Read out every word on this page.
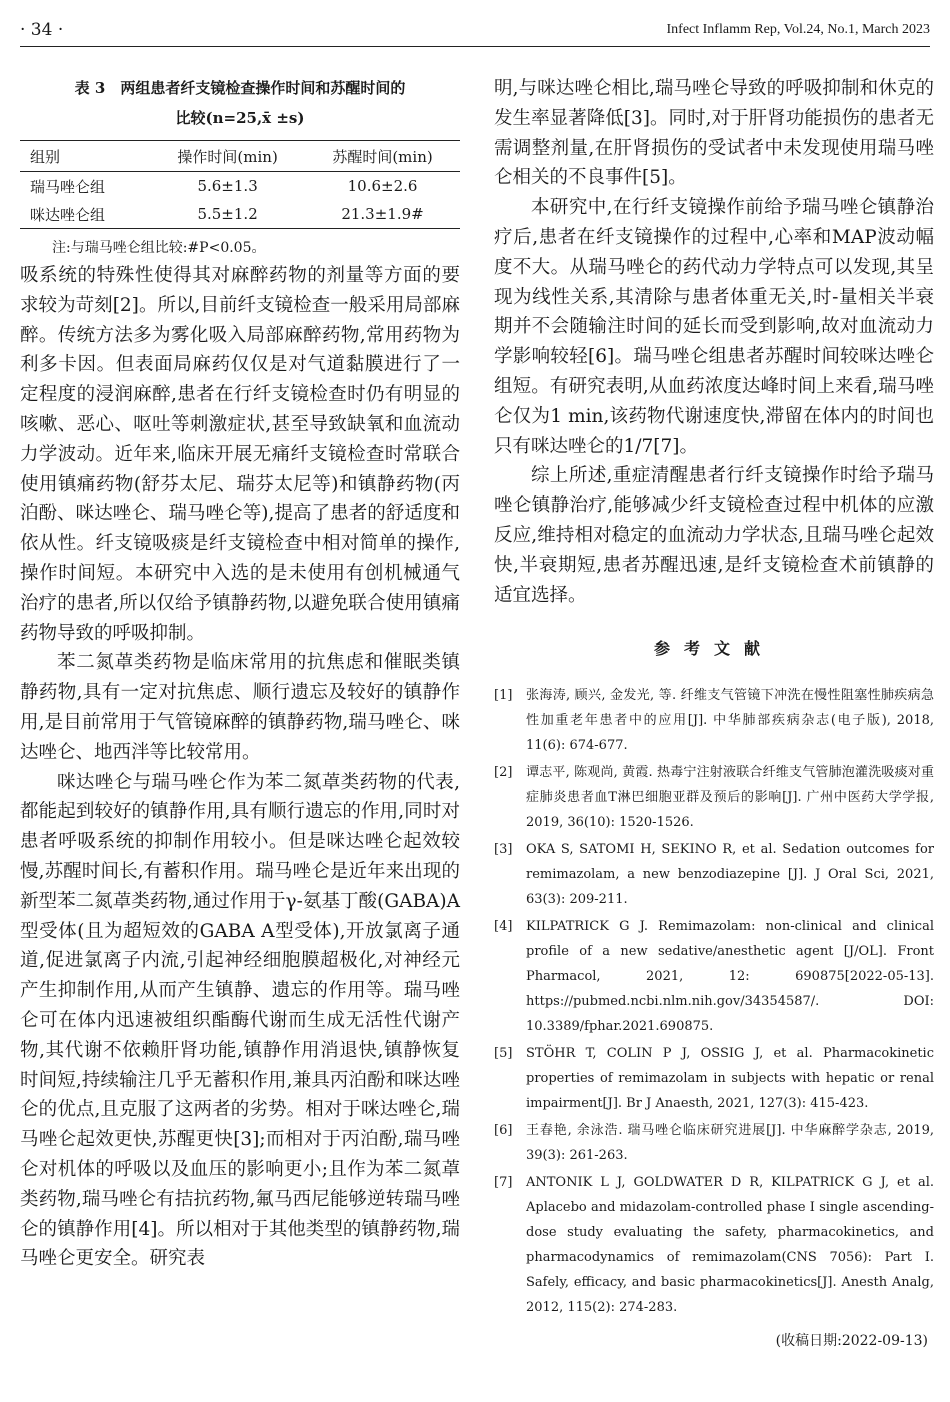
· 34 ·	Infect Inflamm Rep, Vol.24, No.1, March 2023
表 3　两组患者纤支镜检查操作时间和苏醒时间的
比较(n=25,x̄ ±s)
组别	操作时间(min)	苏醒时间(min)
瑞马唑仑组	5.6±1.3	10.6±2.6
咪达唑仑组	5.5±1.2	21.3±1.9#
注:与瑞马唑仑组比较:#P<0.05。

吸系统的特殊性使得其对麻醉药物的剂量等方面的要求较为苛刻[2]。所以,目前纤支镜检查一般采用局部麻醉。传统方法多为雾化吸入局部麻醉药物,常用药物为利多卡因。但表面局麻药仅仅是对气道黏膜进行了一定程度的浸润麻醉,患者在行纤支镜检查时仍有明显的咳嗽、恶心、呕吐等刺激症状,甚至导致缺氧和血流动力学波动。近年来,临床开展无痛纤支镜检查时常联合使用镇痛药物(舒芬太尼、瑞芬太尼等)和镇静药物(丙泊酚、咪达唑仑、瑞马唑仑等),提高了患者的舒适度和依从性。纤支镜吸痰是纤支镜检查中相对简单的操作,操作时间短。本研究中入选的是未使用有创机械通气治疗的患者,所以仅给予镇静药物,以避免联合使用镇痛药物导致的呼吸抑制。

苯二氮䓬类药物是临床常用的抗焦虑和催眠类镇静药物,具有一定对抗焦虑、顺行遗忘及较好的镇静作用,是目前常用于气管镜麻醉的镇静药物,瑞马唑仑、咪达唑仑、地西泮等比较常用。

咪达唑仑与瑞马唑仑作为苯二氮䓬类药物的代表,都能起到较好的镇静作用,具有顺行遗忘的作用,同时对患者呼吸系统的抑制作用较小。但是咪达唑仑起效较慢,苏醒时间长,有蓄积作用。瑞马唑仑是近年来出现的新型苯二氮䓬类药物,通过作用于γ-氨基丁酸(GABA)A型受体(且为超短效的GABA A型受体),开放氯离子通道,促进氯离子内流,引起神经细胞膜超极化,对神经元产生抑制作用,从而产生镇静、遗忘的作用等。瑞马唑仑可在体内迅速被组织酯酶代谢而生成无活性代谢产物,其代谢不依赖肝肾功能,镇静作用消退快,镇静恢复时间短,持续输注几乎无蓄积作用,兼具丙泊酚和咪达唑仑的优点,且克服了这两者的劣势。相对于咪达唑仑,瑞马唑仑起效更快,苏醒更快[3];而相对于丙泊酚,瑞马唑仑对机体的呼吸以及血压的影响更小;且作为苯二氮䓬类药物,瑞马唑仑有拮抗药物,氟马西尼能够逆转瑞马唑仑的镇静作用[4]。所以相对于其他类型的镇静药物,瑞马唑仑更安全。研究表

明,与咪达唑仑相比,瑞马唑仑导致的呼吸抑制和休克的发生率显著降低[3]。同时,对于肝肾功能损伤的患者无需调整剂量,在肝肾损伤的受试者中未发现使用瑞马唑仑相关的不良事件[5]。

本研究中,在行纤支镜操作前给予瑞马唑仑镇静治疗后,患者在纤支镜操作的过程中,心率和MAP波动幅度不大。从瑞马唑仑的药代动力学特点可以发现,其呈现为线性关系,其清除与患者体重无关,时-量相关半衰期并不会随输注时间的延长而受到影响,故对血流动力学影响较轻[6]。瑞马唑仑组患者苏醒时间较咪达唑仑组短。有研究表明,从血药浓度达峰时间上来看,瑞马唑仑仅为1 min,该药物代谢速度快,滞留在体内的时间也只有咪达唑仑的1/7[7]。

综上所述,重症清醒患者行纤支镜操作时给予瑞马唑仑镇静治疗,能够减少纤支镜检查过程中机体的应激反应,维持相对稳定的血流动力学状态,且瑞马唑仑起效快,半衰期短,患者苏醒迅速,是纤支镜检查术前镇静的适宜选择。

参考文献
[1]	张海涛, 顾兴, 金发光, 等. 纤维支气管镜下冲洗在慢性阻塞性肺疾病急性加重老年患者中的应用[J]. 中华肺部疾病杂志(电子版), 2018, 11(6): 674-677.
[2]	谭志平, 陈观尚, 黄霞. 热毒宁注射液联合纤维支气管肺泡灌洗吸痰对重症肺炎患者血T淋巴细胞亚群及预后的影响[J]. 广州中医药大学学报, 2019, 36(10): 1520-1526.
[3]	OKA S, SATOMI H, SEKINO R, et al. Sedation outcomes for remimazolam, a new benzodiazepine [J]. J Oral Sci, 2021, 63(3): 209-211.
[4]	KILPATRICK G J. Remimazolam: non-clinical and clinical profile of a new sedative/anesthetic agent [J/OL]. Front Pharmacol, 2021, 12: 690875[2022-05-13]. https://pubmed.ncbi.nlm.nih.gov/34354587/. DOI: 10.3389/fphar.2021.690875.
[5]	STÖHR T, COLIN P J, OSSIG J, et al. Pharmacokinetic properties of remimazolam in subjects with hepatic or renal impairment[J]. Br J Anaesth, 2021, 127(3): 415-423.
[6]	王春艳, 余泳浩. 瑞马唑仑临床研究进展[J]. 中华麻醉学杂志, 2019, 39(3): 261-263.
[7]	ANTONIK L J, GOLDWATER D R, KILPATRICK G J, et al. Aplacebo and midazolam-controlled phase I single ascending-dose study evaluating the safety, pharmacokinetics, and pharmacodynamics of remimazolam(CNS 7056): Part I. Safely, efficacy, and basic pharmacokinetics[J]. Anesth Analg, 2012, 115(2): 274-283.
(收稿日期:2022-09-13)
